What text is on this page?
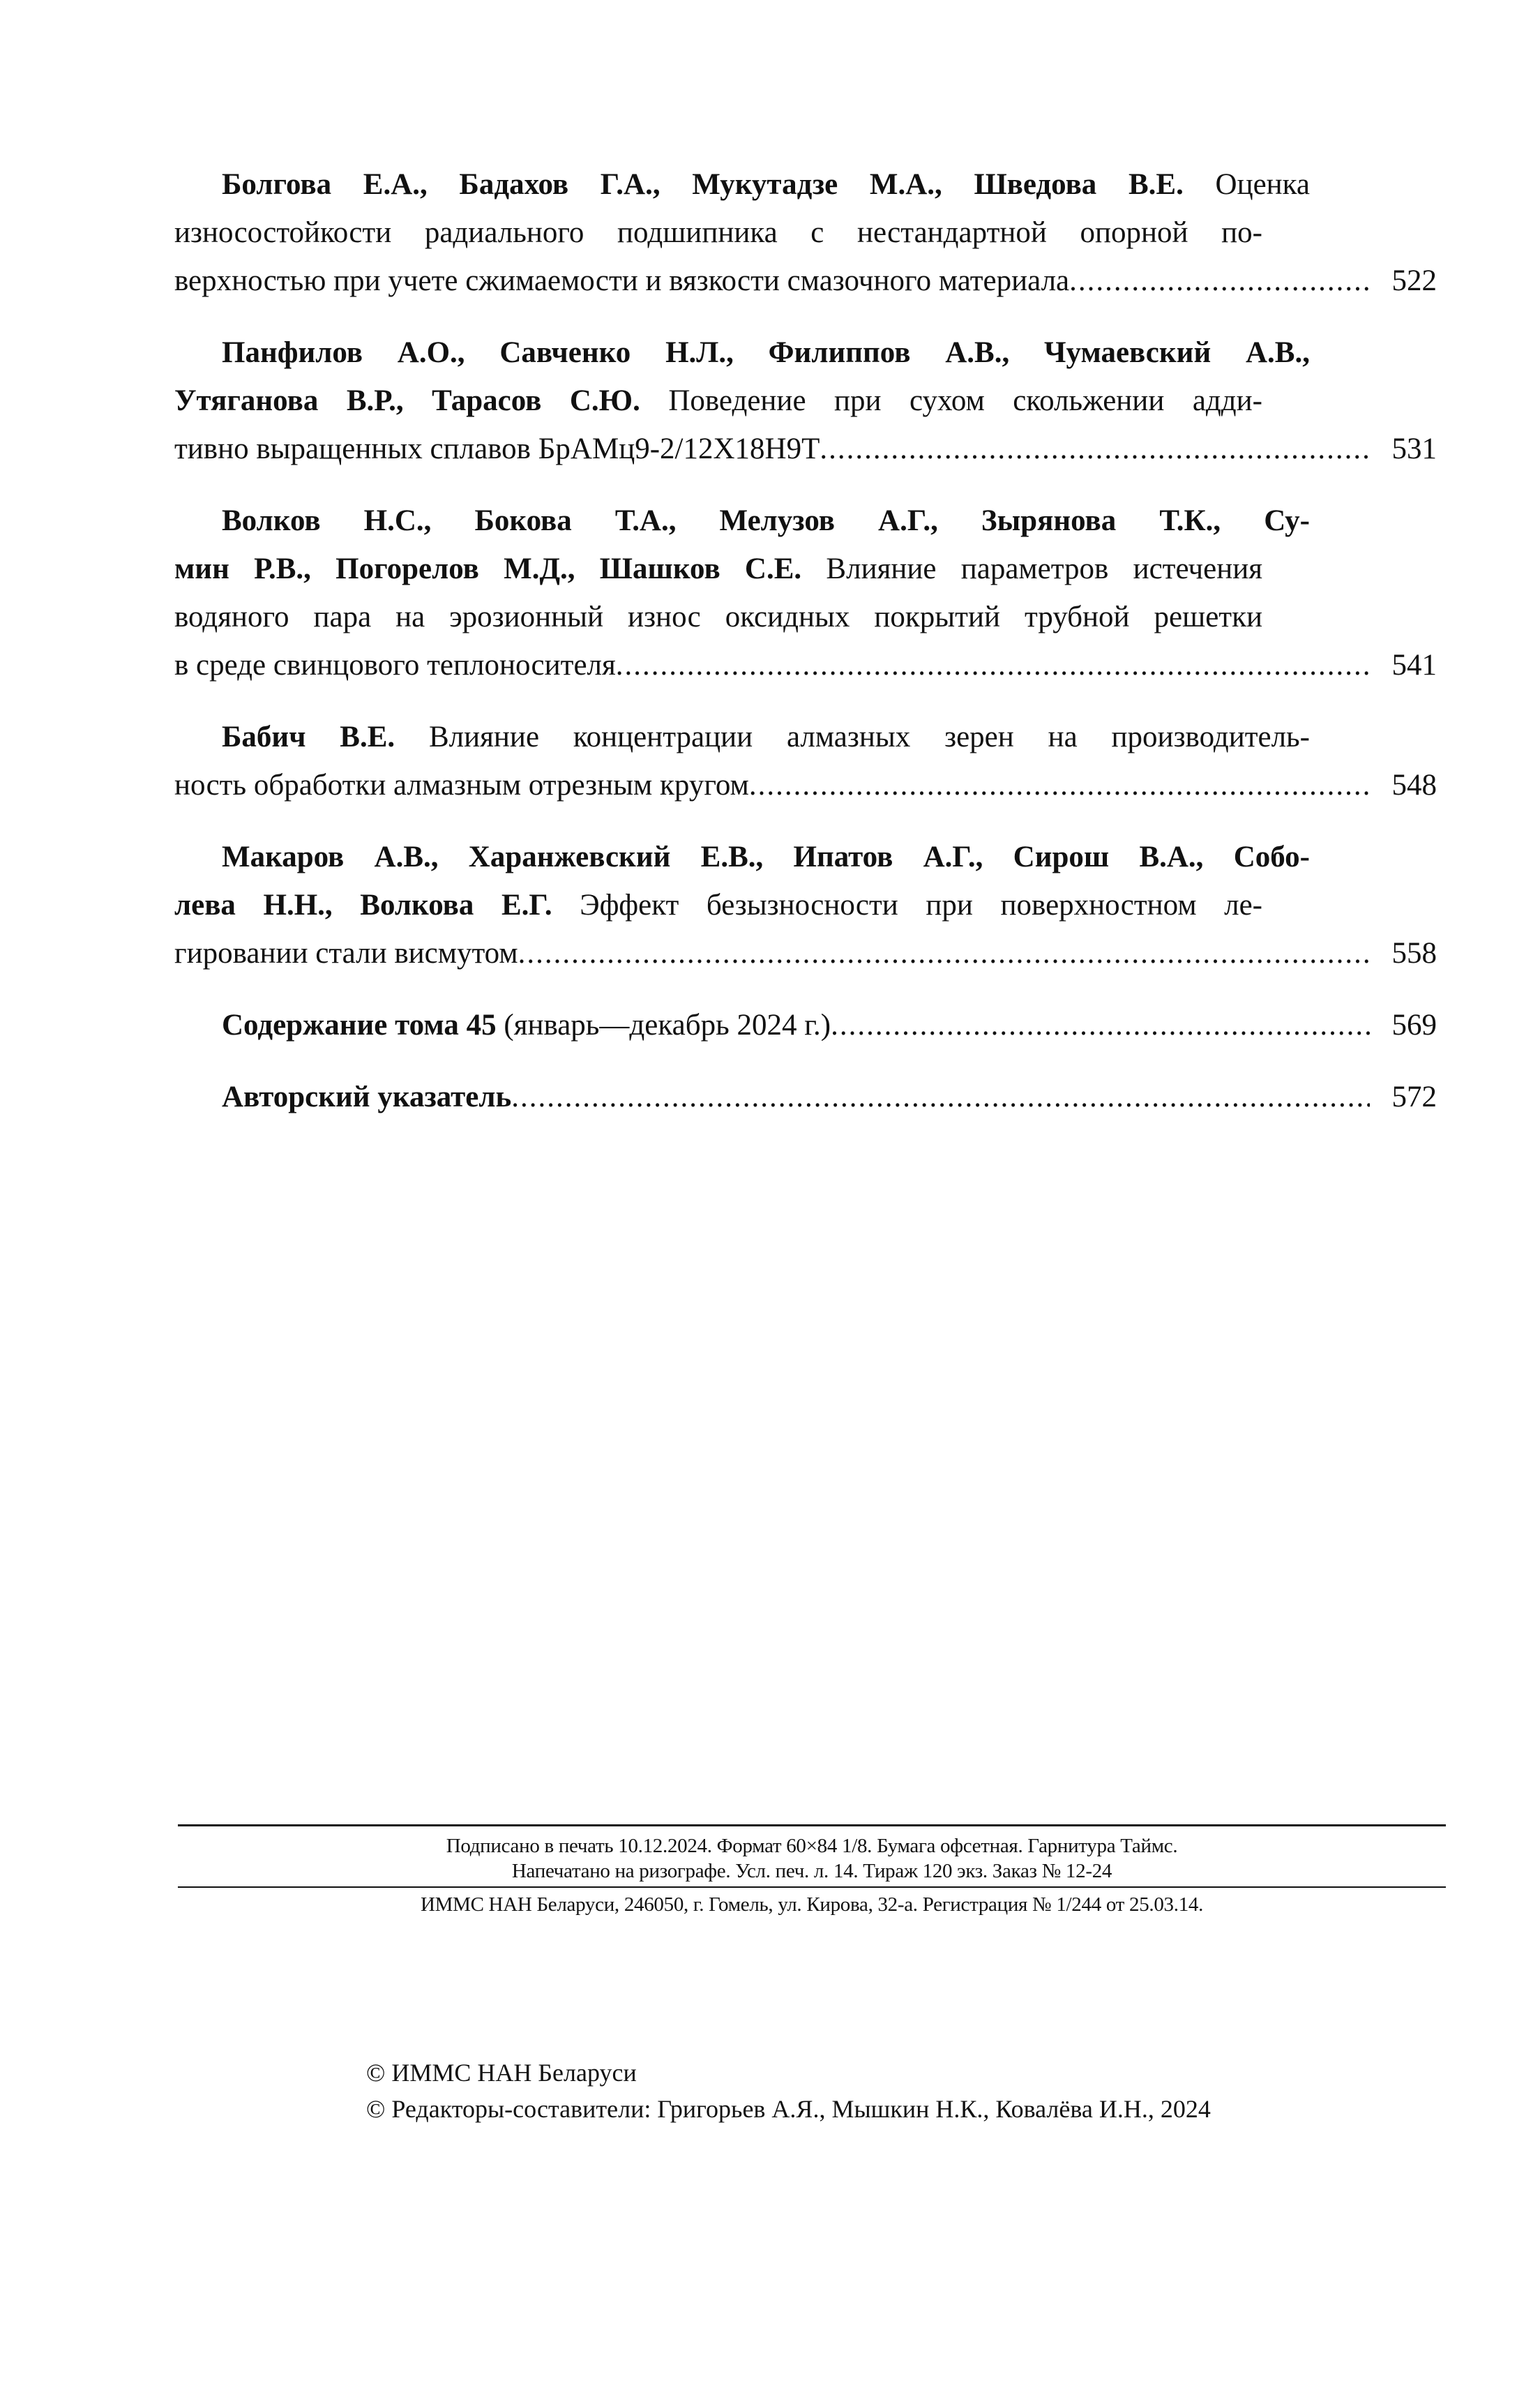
Болгова Е.А., Бадахов Г.А., Мукутадзе М.А., Шведова В.Е. Оценка
износостойкости радиального подшипника с нестандартной опорной по-
верхностью при учете сжимаемости и вязкости смазочного материала .....	522
Панфилов А.О., Савченко Н.Л., Филиппов А.В., Чумаевский А.В.,
Утяганова В.Р., Тарасов С.Ю. Поведение при сухом скольжении адди-
тивно выращенных сплавов БрАМц9-2/12Х18Н9Т .....	531
Волков Н.С., Бокова Т.А., Мелузов А.Г., Зырянова Т.К., Су-
мин Р.В., Погорелов М.Д., Шашков С.Е. Влияние параметров истечения
водяного пара на эрозионный износ оксидных покрытий трубной решетки
в среде свинцового теплоносителя .....	541
Бабич В.Е. Влияние концентрации алмазных зерен на производитель-
ность обработки алмазным отрезным кругом .....	548
Макаров А.В., Харанжевский Е.В., Ипатов А.Г., Сирош В.А., Собо-
лева Н.Н., Волкова Е.Г. Эффект безызносности при поверхностном ле-
гировании стали висмутом .....	558
Содержание тома 45 (январь—декабрь 2024 г.) .....	569
Авторский указатель .....	572
Подписано в печать 10.12.2024. Формат 60×84 1/8. Бумага офсетная. Гарнитура Таймс.
Напечатано на ризографе. Усл. печ. л. 14. Тираж 120 экз. Заказ № 12-24
ИММС НАН Беларуси, 246050, г. Гомель, ул. Кирова, 32-а. Регистрация № 1/244 от 25.03.14.
© ИММС НАН Беларуси
© Редакторы-составители: Григорьев А.Я., Мышкин Н.К., Ковалёва И.Н., 2024
